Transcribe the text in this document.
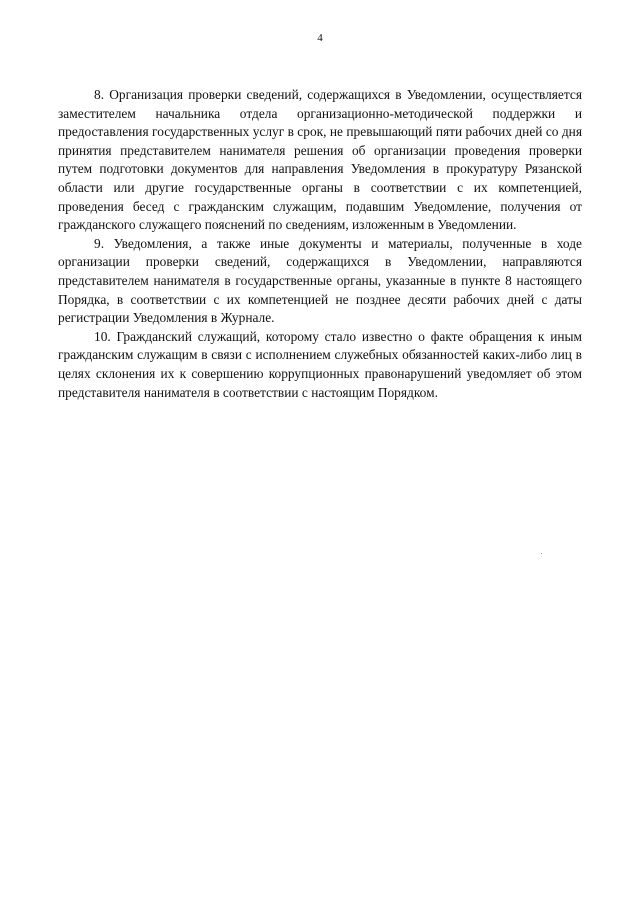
4

8. Организация проверки сведений, содержащихся в Уведомлении, осуществляется заместителем начальника отдела организационно-методической поддержки и предоставления государственных услуг в срок, не превышающий пяти рабочих дней со дня принятия представителем нанимателя решения об организации проведения проверки путем подготовки документов для направления Уведомления в прокуратуру Рязанской области или другие государственные органы в соответствии с их компетенцией, проведения бесед с гражданским служащим, подавшим Уведомление, получения от гражданского служащего пояснений по сведениям, изложенным в Уведомлении.

9. Уведомления, а также иные документы и материалы, полученные в ходе организации проверки сведений, содержащихся в Уведомлении, направляются представителем нанимателя в государственные органы, указанные в пункте 8 настоящего Порядка, в соответствии с их компетенцией не позднее десяти рабочих дней с даты регистрации Уведомления в Журнале.

10. Гражданский служащий, которому стало известно о факте обращения к иным гражданским служащим в связи с исполнением служебных обязанностей каких-либо лиц в целях склонения их к совершению коррупционных правонарушений уведомляет об этом представителя нанимателя в соответствии с настоящим Порядком.
